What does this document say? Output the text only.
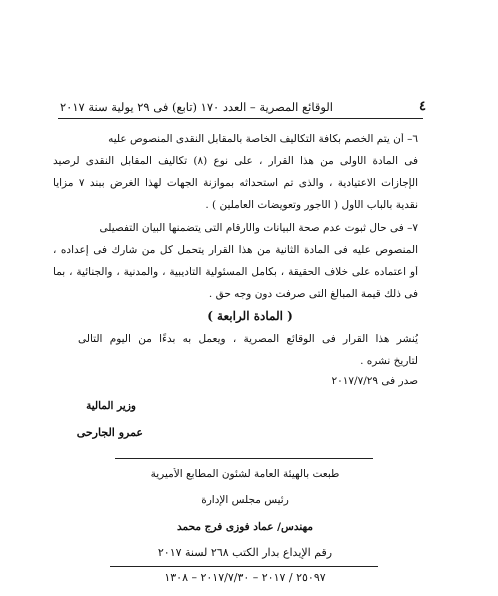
٤
الوقائع المصرية – العدد ١٧٠ (تابع) فى ٢٩ يولية سنة ٢٠١٧
٦– أن يتم الخصم بكافة التكاليف الخاصة بالمقابل النقدى المنصوص عليه
فى المادة الأولى من هذا القرار ، على نوع (٨) تكاليف المقابل النقدى لرصيد
الإجازات الاعتيادية ، والذى تم استحداثه بموازنة الجهات لهذا الغرض ببند ٧ مزايا
نقدية بالباب الأول ( الأجور وتعويضات العاملين ) .
٧– فى حال ثبوت عدم صحة البيانات والأرقام التى يتضمنها البيان التفصيلى
المنصوص عليه فى المادة الثانية من هذا القرار يتحمل كل من شارك فى إعداده ،
أو اعتماده على خلاف الحقيقة ، بكامل المسئولية التأديبية ، والمدنية ، والجنائية ، بما
فى ذلك قيمة المبالغ التى صرفت دون وجه حق .
( المادة الرابعة )
يُنشر هذا القرار فى الوقائع المصرية ، ويعمل به بدءًا من اليوم التالى
لتاريخ نشره .
صدر فى ٢٠١٧/٧/٢٩
وزير المالية
عمرو الجارحى
طبعت بالهيئة العامة لشئون المطابع الأميرية
رئيس مجلس الإدارة
مهندس/ عماد فوزى فرج محمد
رقم الإيداع بدار الكتب ٢٦٨ لسنة ٢٠١٧
٢٥٠٩٧ / ٢٠١٧ – ٢٠١٧/٧/٣٠ – ١٣٠٨
